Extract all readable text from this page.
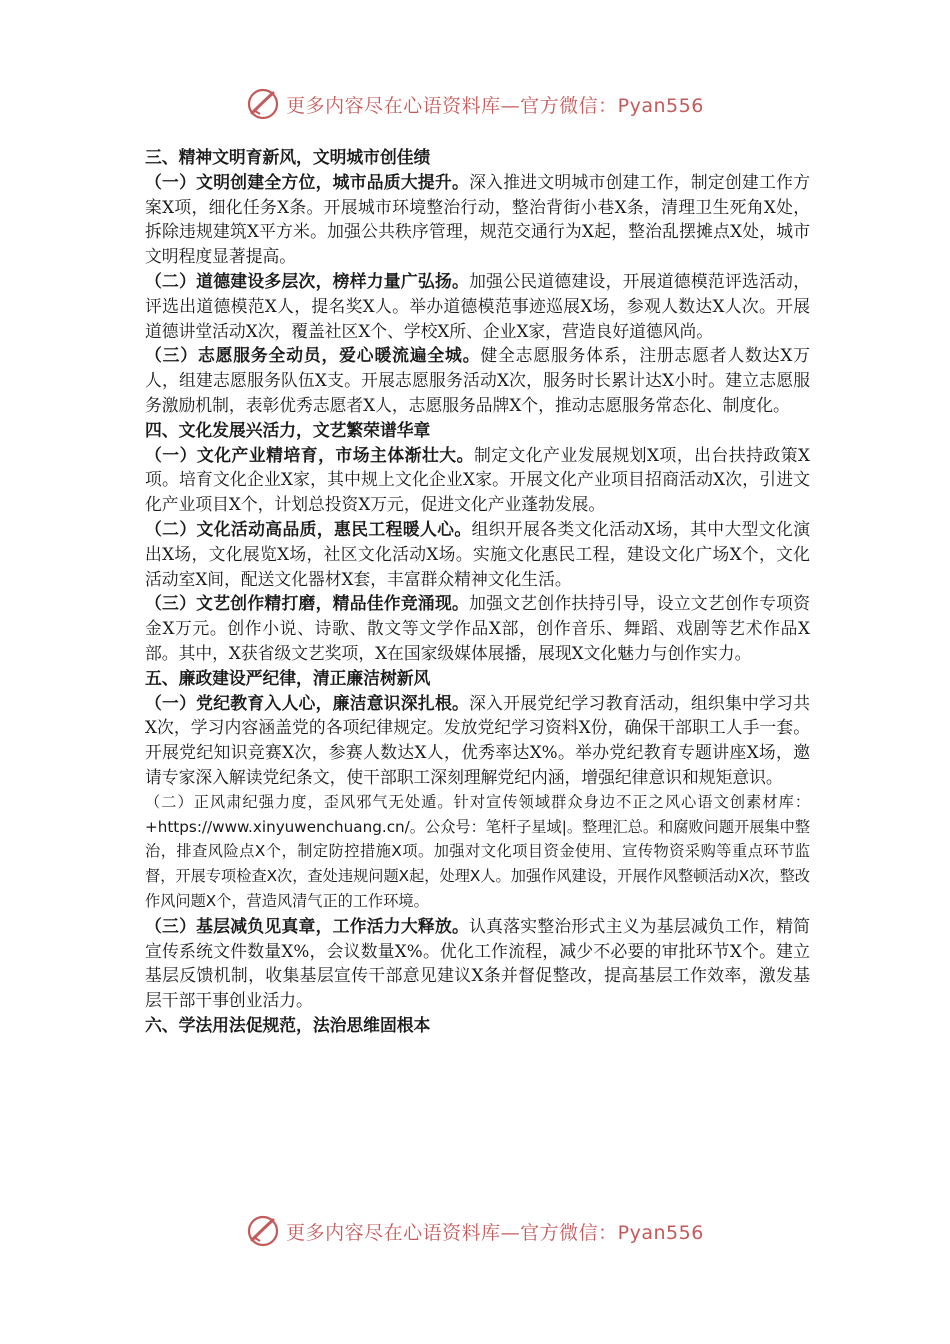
更多内容尽在心语资料库—官方微信：Pyan556

三、精神文明育新风，文明城市创佳绩

（一）文明创建全方位，城市品质大提升。深入推进文明城市创建工作，制定创建工作方案X项，细化任务X条。开展城市环境整治行动，整治背街小巷X条，清理卫生死角X处，拆除违规建筑X平方米。加强公共秩序管理，规范交通行为X起，整治乱摆摊点X处，城市文明程度显著提高。

（二）道德建设多层次，榜样力量广弘扬。加强公民道德建设，开展道德模范评选活动，评选出道德模范X人，提名奖X人。举办道德模范事迹巡展X场，参观人数达X人次。开展道德讲堂活动X次，覆盖社区X个、学校X所、企业X家，营造良好道德风尚。

（三）志愿服务全动员，爱心暖流遍全城。健全志愿服务体系，注册志愿者人数达X万人，组建志愿服务队伍X支。开展志愿服务活动X次，服务时长累计达X小时。建立志愿服务激励机制，表彰优秀志愿者X人，志愿服务品牌X个，推动志愿服务常态化、制度化。

四、文化发展兴活力，文艺繁荣谱华章

（一）文化产业精培育，市场主体渐壮大。制定文化产业发展规划X项，出台扶持政策X项。培育文化企业X家，其中规上文化企业X家。开展文化产业项目招商活动X次，引进文化产业项目X个，计划总投资X万元，促进文化产业蓬勃发展。

（二）文化活动高品质，惠民工程暖人心。组织开展各类文化活动X场，其中大型文化演出X场，文化展览X场，社区文化活动X场。实施文化惠民工程，建设文化广场X个，文化活动室X间，配送文化器材X套，丰富群众精神文化生活。

（三）文艺创作精打磨，精品佳作竞涌现。加强文艺创作扶持引导，设立文艺创作专项资金X万元。创作小说、诗歌、散文等文学作品X部，创作音乐、舞蹈、戏剧等艺术作品X部。其中，X获省级文艺奖项，X在国家级媒体展播，展现X文化魅力与创作实力。

五、廉政建设严纪律，清正廉洁树新风

（一）党纪教育入人心，廉洁意识深扎根。深入开展党纪学习教育活动，组织集中学习共X次，学习内容涵盖党的各项纪律规定。发放党纪学习资料X份，确保干部职工人手一套。开展党纪知识竞赛X次，参赛人数达X人，优秀率达X%。举办党纪教育专题讲座X场，邀请专家深入解读党纪条文，使干部职工深刻理解党纪内涵，增强纪律意识和规矩意识。

（二）正风肃纪强力度，歪风邪气无处遁。针对宣传领域群众身边不正之风心语文创素材库：+https://www.xinyuwenchuang.cn/。公众号：笔杆子星域|。整理汇总。和腐败问题开展集中整治，排查风险点X个，制定防控措施X项。加强对文化项目资金使用、宣传物资采购等重点环节监督，开展专项检查X次，查处违规问题X起，处理X人。加强作风建设，开展作风整顿活动X次，整改作风问题X个，营造风清气正的工作环境。

（三）基层减负见真章，工作活力大释放。认真落实整治形式主义为基层减负工作，精简宣传系统文件数量X%，会议数量X%。优化工作流程，减少不必要的审批环节X个。建立基层反馈机制，收集基层宣传干部意见建议X条并督促整改，提高基层工作效率，激发基层干部干事创业活力。

六、学法用法促规范，法治思维固根本

更多内容尽在心语资料库—官方微信：Pyan556
